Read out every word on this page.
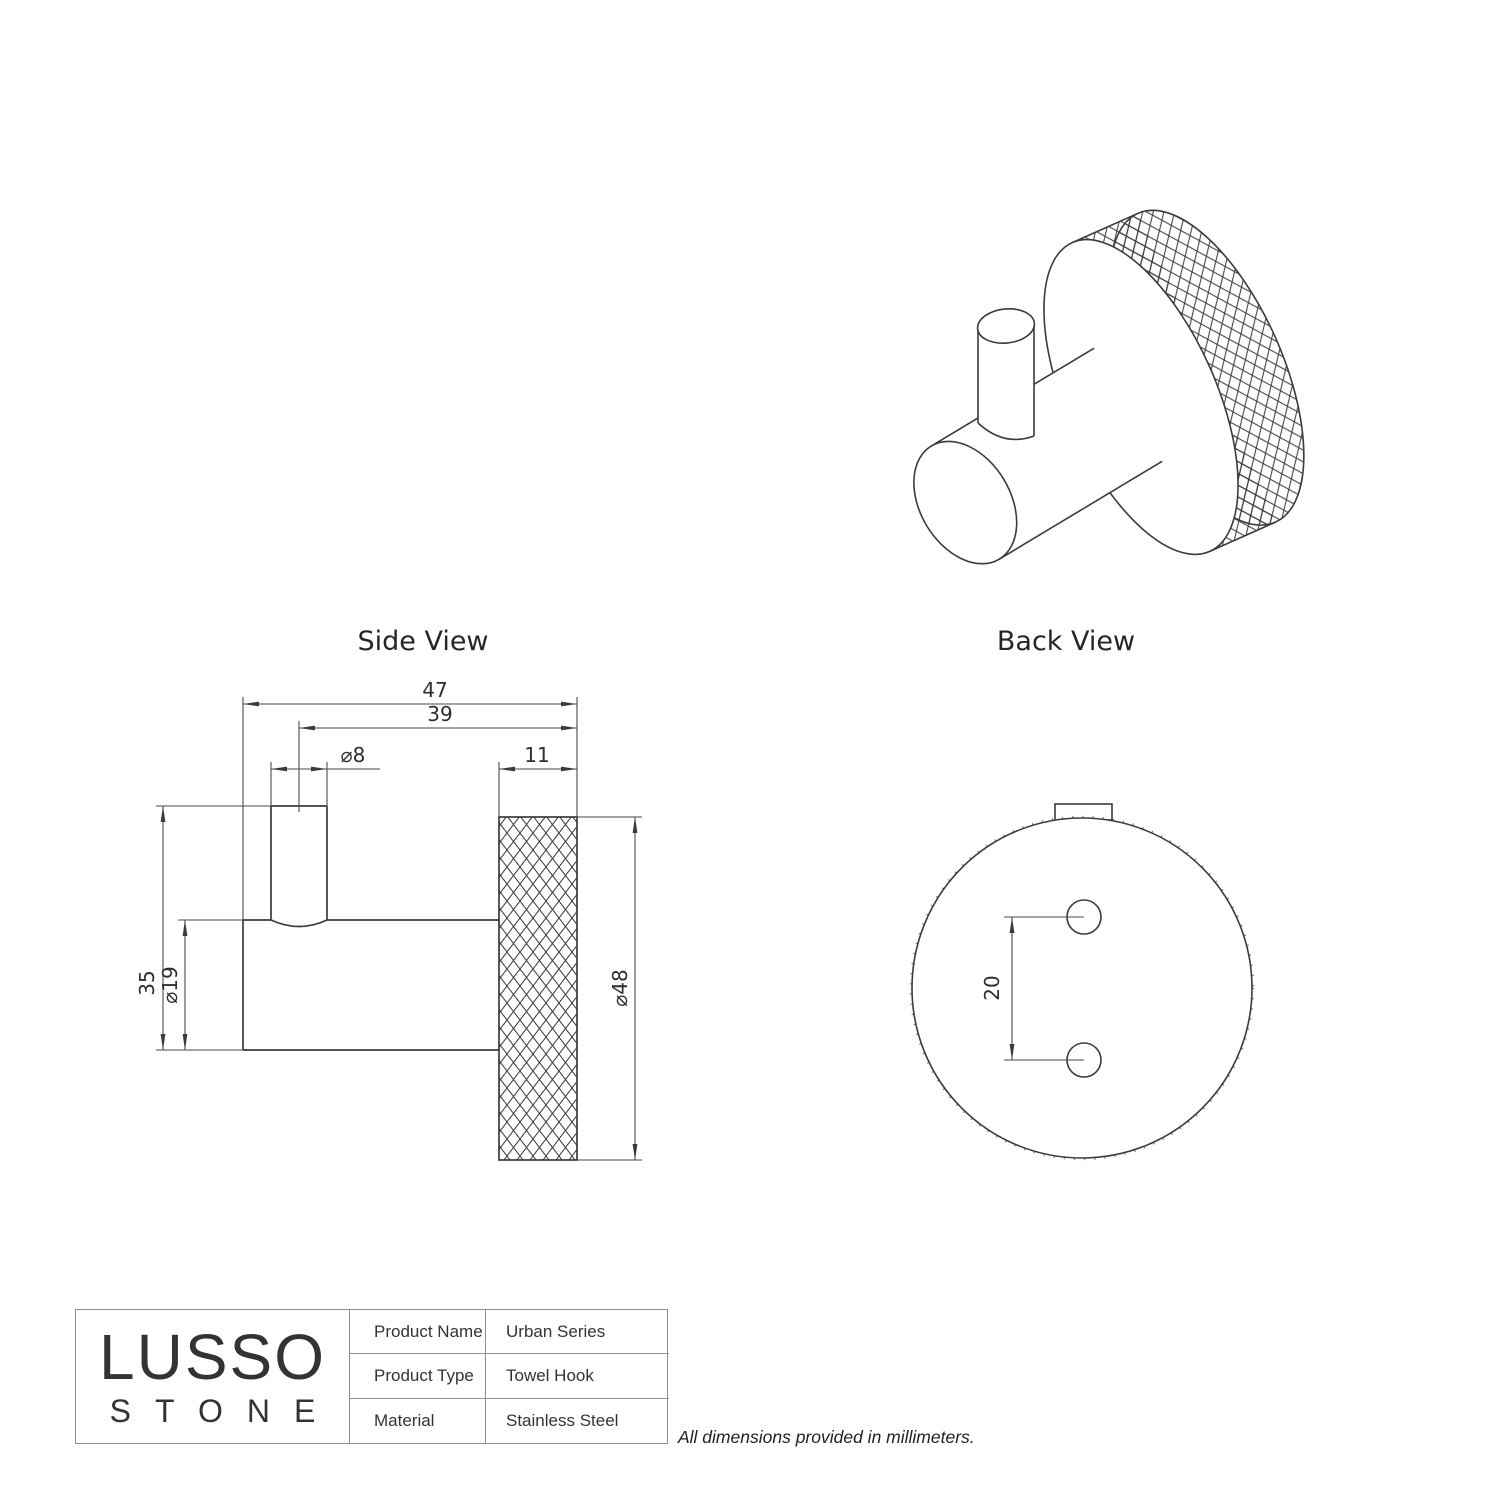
Side View	Back View
47
39
⌀8	11
35 ⌀19	⌀48	20
LUSSO
STONE
Product Name	Urban Series
Product Type	Towel Hook
Material	Stainless Steel
All dimensions provided in millimeters.
